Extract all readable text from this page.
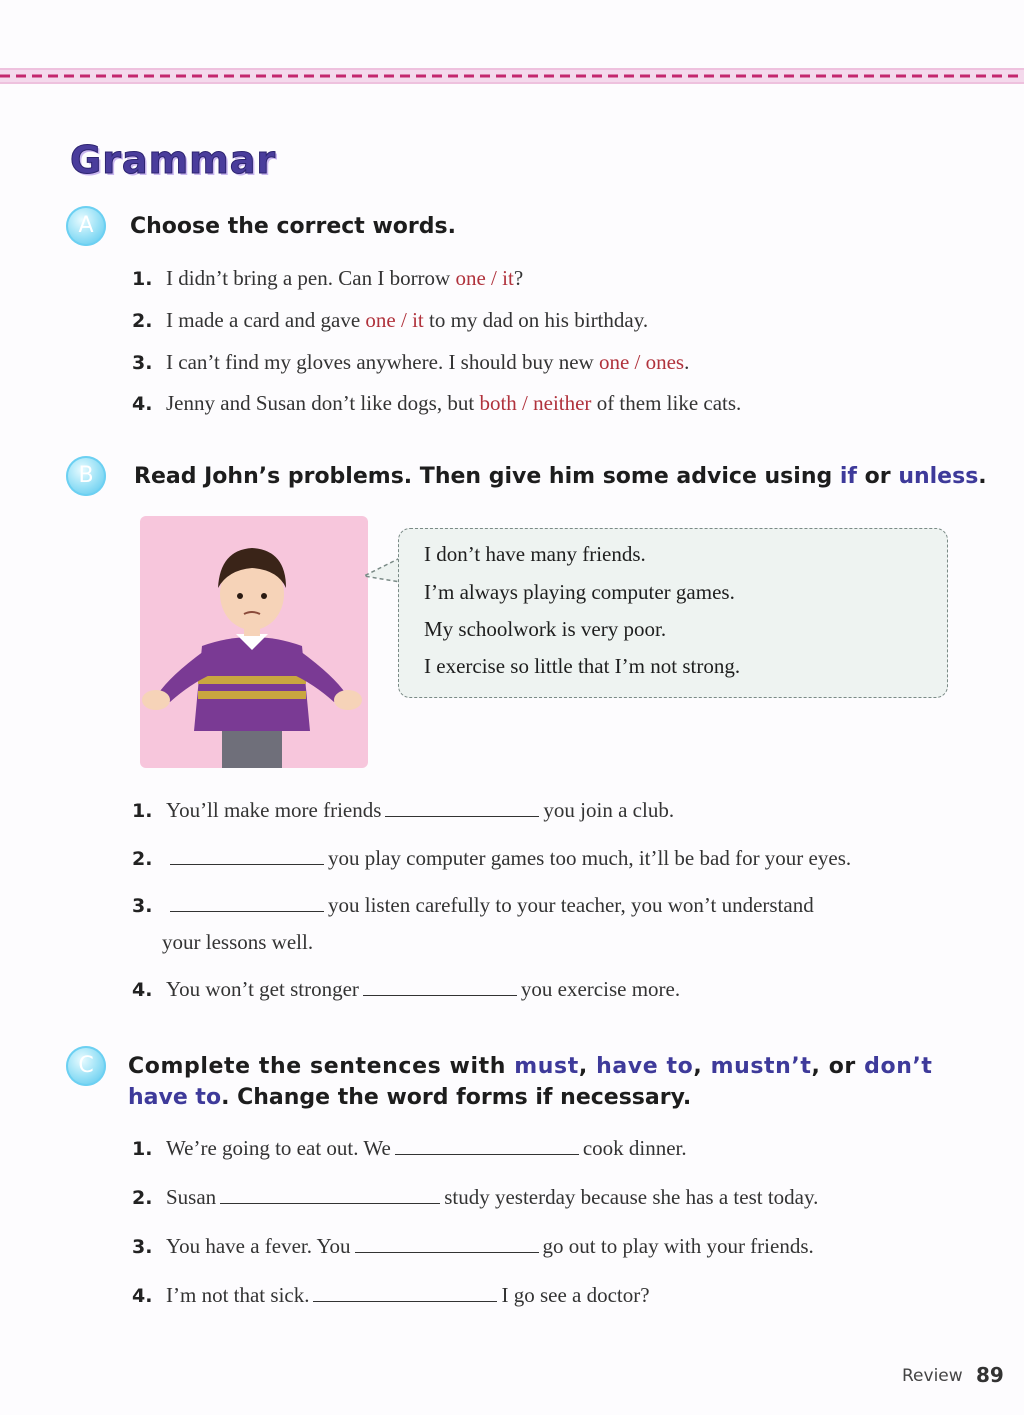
Grammar
A	Choose the correct words.
1. I didn’t bring a pen. Can I borrow one / it?
2. I made a card and gave one / it to my dad on his birthday.
3. I can’t find my gloves anywhere. I should buy new one / ones.
4. Jenny and Susan don’t like dogs, but both / neither of them like cats.
B	Read John’s problems. Then give him some advice using if or unless.
I don’t have many friends.
I’m always playing computer games.
My schoolwork is very poor.
I exercise so little that I’m not strong.
1. You’ll make more friends	you join a club.
2.	you play computer games too much, it’ll be bad for your eyes.
3.	you listen carefully to your teacher, you won’t understand
your lessons well.
4. You won’t get stronger	you exercise more.
C	Complete the sentences with must, have to, mustn’t, or don’t
have to. Change the word forms if necessary.
1. We’re going to eat out. We	cook dinner.
2. Susan	study yesterday because she has a test today.
3. You have a fever. You	go out to play with your friends.
4. I’m not that sick.	I go see a doctor?
Review 89
